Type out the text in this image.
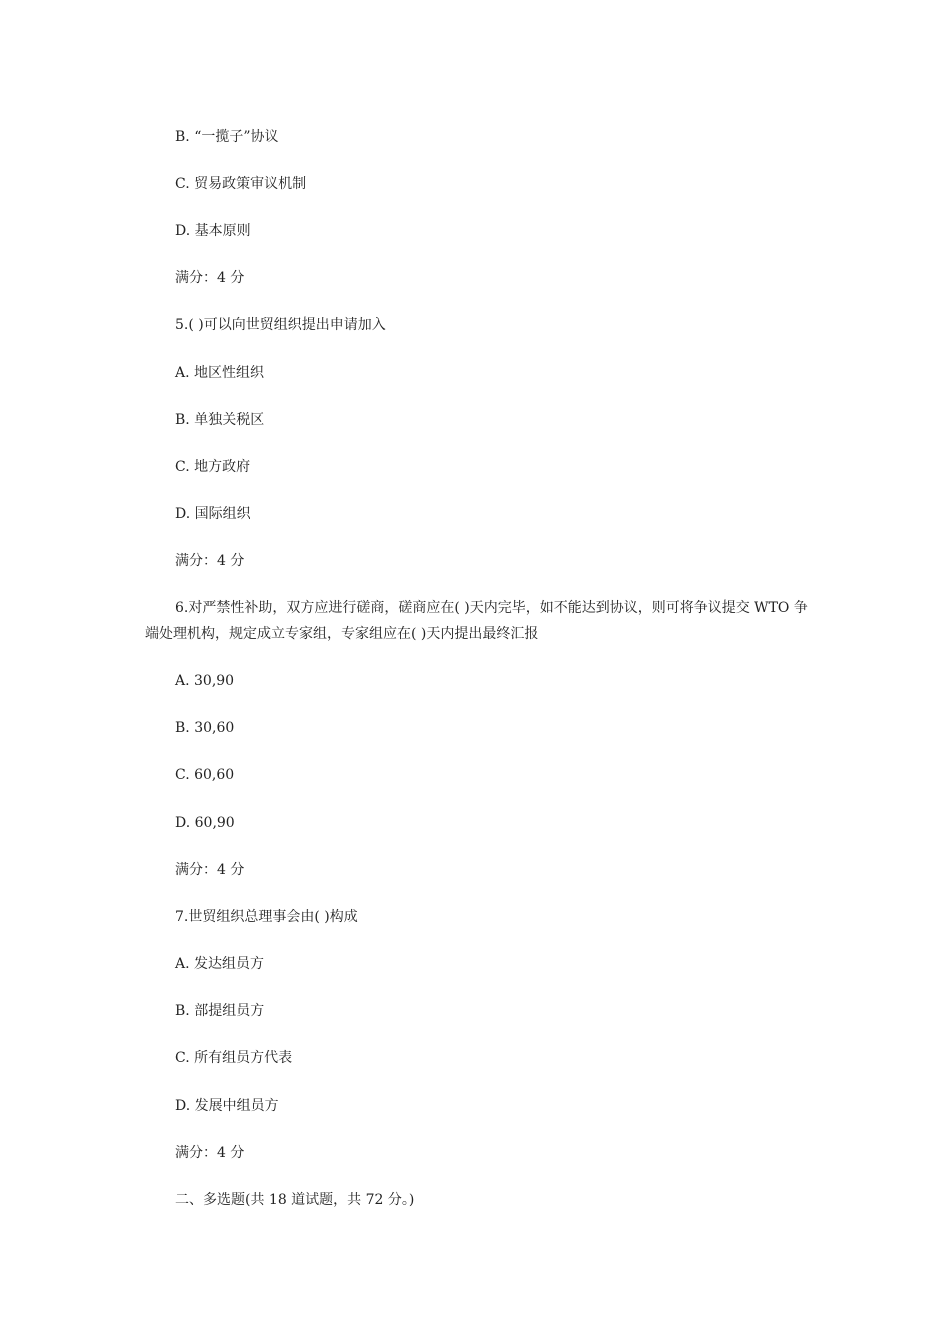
B. “一揽子”协议
C. 贸易政策审议机制
D. 基本原则
满分：4 分
5.( )可以向世贸组织提出申请加入
A. 地区性组织
B. 单独关税区
C. 地方政府
D. 国际组织
满分：4 分
6.对严禁性补助，双方应进行磋商，磋商应在( )天内完毕，如不能达到协议，则可将争议提交 WTO 争端处理机构，规定成立专家组，专家组应在( )天内提出最终汇报
A. 30,90
B. 30,60
C. 60,60
D. 60,90
满分：4 分
7.世贸组织总理事会由( )构成
A. 发达组员方
B. 部提组员方
C. 所有组员方代表
D. 发展中组员方
满分：4 分
二、多选题(共 18 道试题，共 72 分。)
